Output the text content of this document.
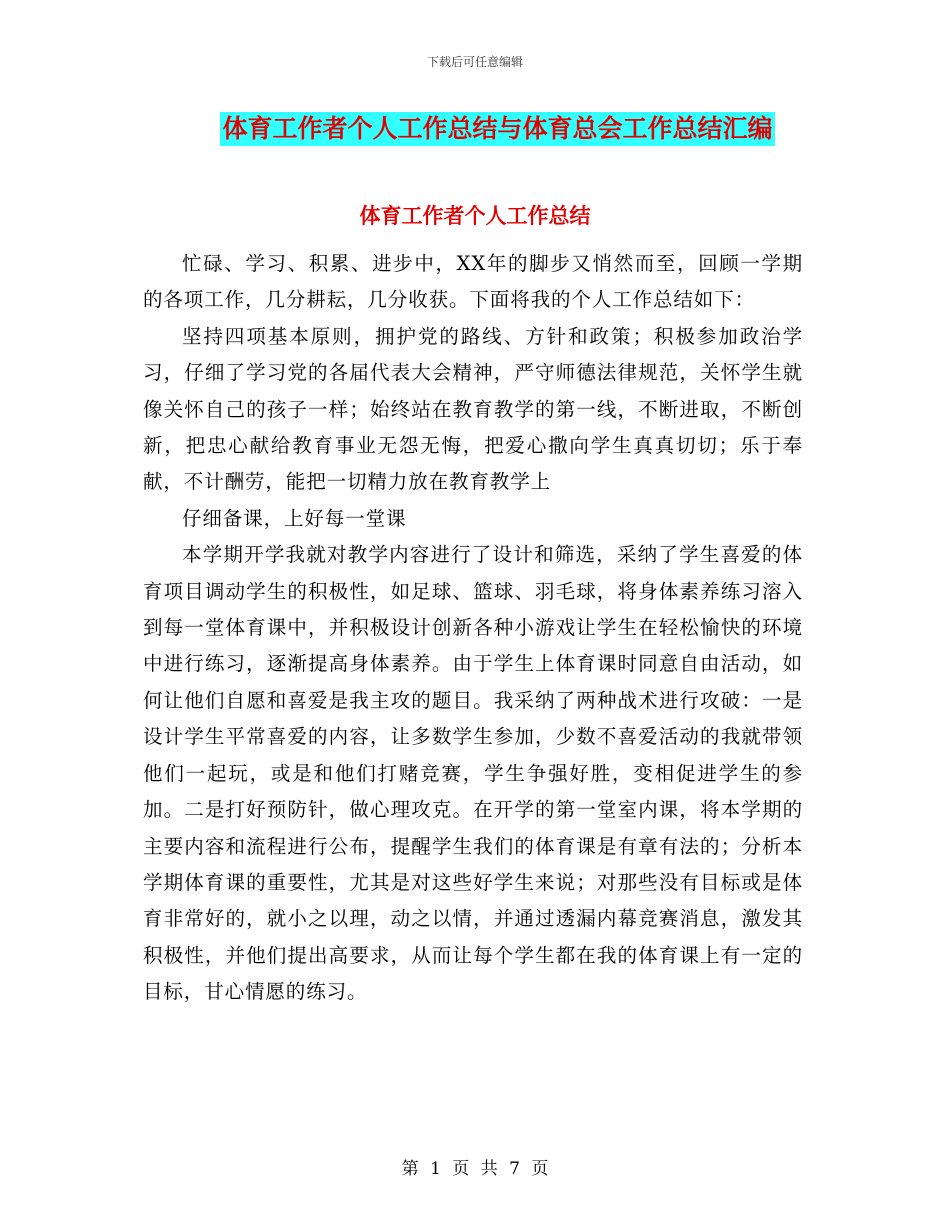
下载后可任意编辑
体育工作者个人工作总结与体育总会工作总结汇编
体育工作者个人工作总结

忙碌、学习、积累、进步中，XX年的脚步又悄然而至，回顾一学期的各项工作，几分耕耘，几分收获。下面将我的个人工作总结如下：

坚持四项基本原则，拥护党的路线、方针和政策；积极参加政治学习，仔细了学习党的各届代表大会精神，严守师德法律规范，关怀学生就像关怀自己的孩子一样；始终站在教育教学的第一线，不断进取，不断创新，把忠心献给教育事业无怨无悔，把爱心撒向学生真真切切；乐于奉献，不计酬劳，能把一切精力放在教育教学上

仔细备课，上好每一堂课

本学期开学我就对教学内容进行了设计和筛选，采纳了学生喜爱的体育项目调动学生的积极性，如足球、篮球、羽毛球，将身体素养练习溶入到每一堂体育课中，并积极设计创新各种小游戏让学生在轻松愉快的环境中进行练习，逐渐提高身体素养。由于学生上体育课时同意自由活动，如何让他们自愿和喜爱是我主攻的题目。我采纳了两种战术进行攻破：一是设计学生平常喜爱的内容，让多数学生参加，少数不喜爱活动的我就带领他们一起玩，或是和他们打赌竞赛，学生争强好胜，变相促进学生的参加。二是打好预防针，做心理攻克。在开学的第一堂室内课，将本学期的主要内容和流程进行公布，提醒学生我们的体育课是有章有法的；分析本学期体育课的重要性，尤其是对这些好学生来说；对那些没有目标或是体育非常好的，就小之以理，动之以情，并通过透漏内幕竞赛消息，激发其积极性，并他们提出高要求，从而让每个学生都在我的体育课上有一定的目标，甘心情愿的练习。

第 1 页 共 7 页
